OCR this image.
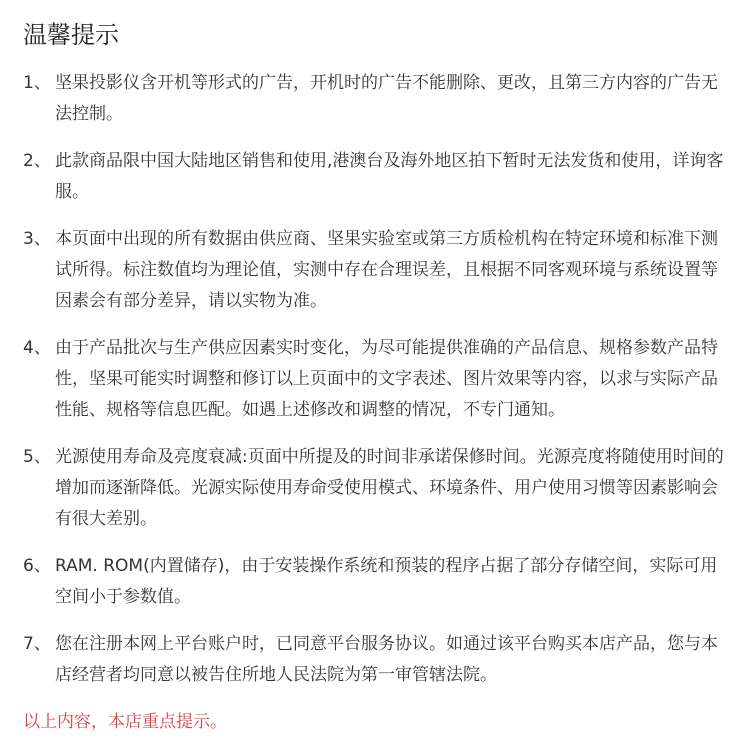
温馨提示
1、 坚果投影仪含开机等形式的广告，开机时的广告不能删除、更改，且第三方内容的广告无法控制。
2、 此款商品限中国大陆地区销售和使用,港澳台及海外地区拍下暂时无法发货和使用，详询客服。
3、 本页面中出现的所有数据由供应商、坚果实验室或第三方质检机构在特定环境和标准下测试所得。标注数值均为理论值，实测中存在合理误差，且根据不同客观环境与系统设置等因素会有部分差异，请以实物为准。
4、 由于产品批次与生产供应因素实时变化，为尽可能提供准确的产品信息、规格参数产品特性，坚果可能实时调整和修订以上页面中的文字表述、图片效果等内容，以求与实际产品性能、规格等信息匹配。如遇上述修改和调整的情况，不专门通知。
5、 光源使用寿命及亮度衰减:页面中所提及的时间非承诺保修时间。光源亮度将随使用时间的增加而逐渐降低。光源实际使用寿命受使用模式、环境条件、用户使用习惯等因素影响会有很大差别。
6、 RAM. ROM(内置储存)，由于安装操作系统和预装的程序占据了部分存储空间，实际可用空间小于参数值。
7、 您在注册本网上平台账户时，已同意平台服务协议。如通过该平台购买本店产品，您与本店经营者均同意以被告住所地人民法院为第一审管辖法院。
以上内容，本店重点提示。
